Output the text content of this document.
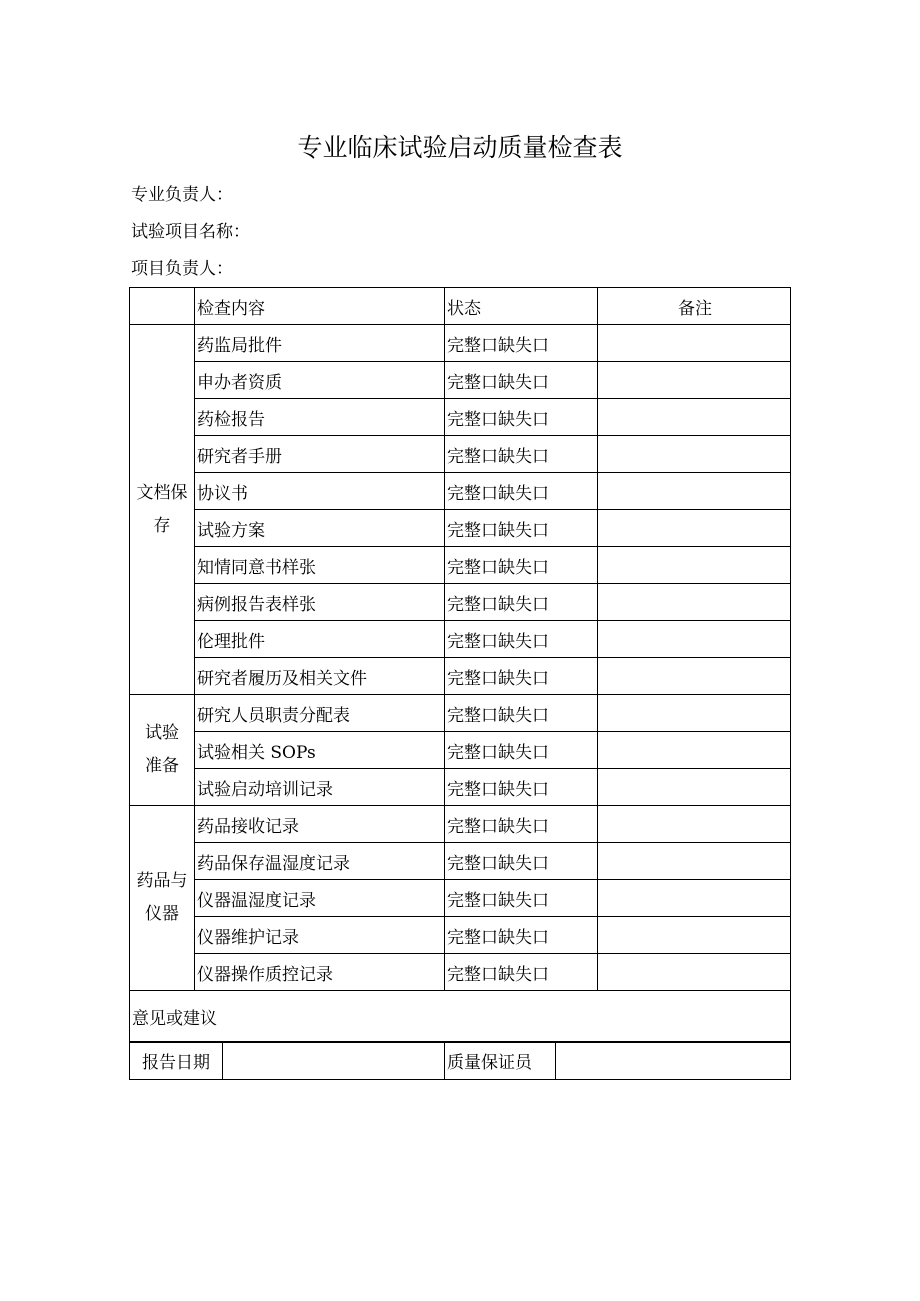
专业临床试验启动质量检查表
专业负责人：
试验项目名称：
项目负责人：
	检查内容	状态	备注

文档保
存	药监局批件	完整口缺失口	
	申办者资质	完整口缺失口	
	药检报告	完整口缺失口	
	研究者手册	完整口缺失口	
	协议书	完整口缺失口	
	试验方案	完整口缺失口	
	知情同意书样张	完整口缺失口	
	病例报告表样张	完整口缺失口	
	伦理批件	完整口缺失口	
	研究者履历及相关文件	完整口缺失口	

试验
准备	研究人员职责分配表	完整口缺失口	
	试验相关 SOPs	完整口缺失口	
	试验启动培训记录	完整口缺失口	

药品与
仪器	药品接收记录	完整口缺失口	
	药品保存温湿度记录	完整口缺失口	
	仪器温湿度记录	完整口缺失口	
	仪器维护记录	完整口缺失口	
	仪器操作质控记录	完整口缺失口	
意见或建议			
报告日期		质量保证员	
